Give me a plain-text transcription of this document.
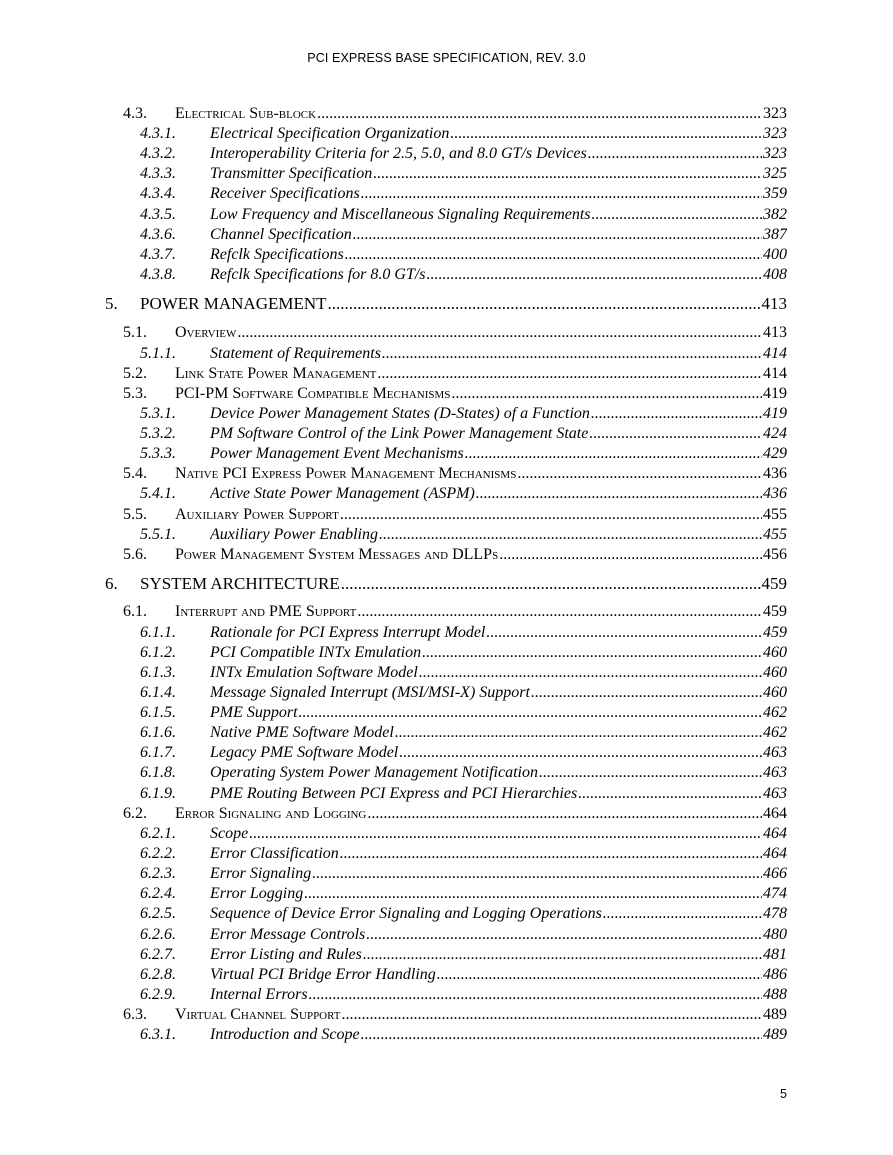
PCI EXPRESS BASE SPECIFICATION, REV. 3.0
4.3. Electrical Sub-block .....	323
4.3.1. Electrical Specification Organization .....	323
4.3.2. Interoperability Criteria for 2.5, 5.0, and 8.0 GT/s Devices .....	323
4.3.3. Transmitter Specification .....	325
4.3.4. Receiver Specifications .....	359
4.3.5. Low Frequency and Miscellaneous Signaling Requirements .....	382
4.3.6. Channel Specification .....	387
4.3.7. Refclk Specifications .....	400
4.3.8. Refclk Specifications for 8.0 GT/s .....	408
5. POWER MANAGEMENT .....	413
5.1. Overview .....	413
5.1.1. Statement of Requirements .....	414
5.2. Link State Power Management .....	414
5.3. PCI-PM Software Compatible Mechanisms .....	419
5.3.1. Device Power Management States (D-States) of a Function .....	419
5.3.2. PM Software Control of the Link Power Management State .....	424
5.3.3. Power Management Event Mechanisms .....	429
5.4. Native PCI Express Power Management Mechanisms .....	436
5.4.1. Active State Power Management (ASPM) .....	436
5.5. Auxiliary Power Support .....	455
5.5.1. Auxiliary Power Enabling .....	455
5.6. Power Management System Messages and DLLPs .....	456
6. SYSTEM ARCHITECTURE .....	459
6.1. Interrupt and PME Support .....	459
6.1.1. Rationale for PCI Express Interrupt Model .....	459
6.1.2. PCI Compatible INTx Emulation .....	460
6.1.3. INTx Emulation Software Model .....	460
6.1.4. Message Signaled Interrupt (MSI/MSI-X) Support .....	460
6.1.5. PME Support .....	462
6.1.6. Native PME Software Model .....	462
6.1.7. Legacy PME Software Model .....	463
6.1.8. Operating System Power Management Notification .....	463
6.1.9. PME Routing Between PCI Express and PCI Hierarchies .....	463
6.2. Error Signaling and Logging .....	464
6.2.1. Scope .....	464
6.2.2. Error Classification .....	464
6.2.3. Error Signaling .....	466
6.2.4. Error Logging .....	474
6.2.5. Sequence of Device Error Signaling and Logging Operations .....	478
6.2.6. Error Message Controls .....	480
6.2.7. Error Listing and Rules .....	481
6.2.8. Virtual PCI Bridge Error Handling .....	486
6.2.9. Internal Errors .....	488
6.3. Virtual Channel Support .....	489
6.3.1. Introduction and Scope .....	489
5
